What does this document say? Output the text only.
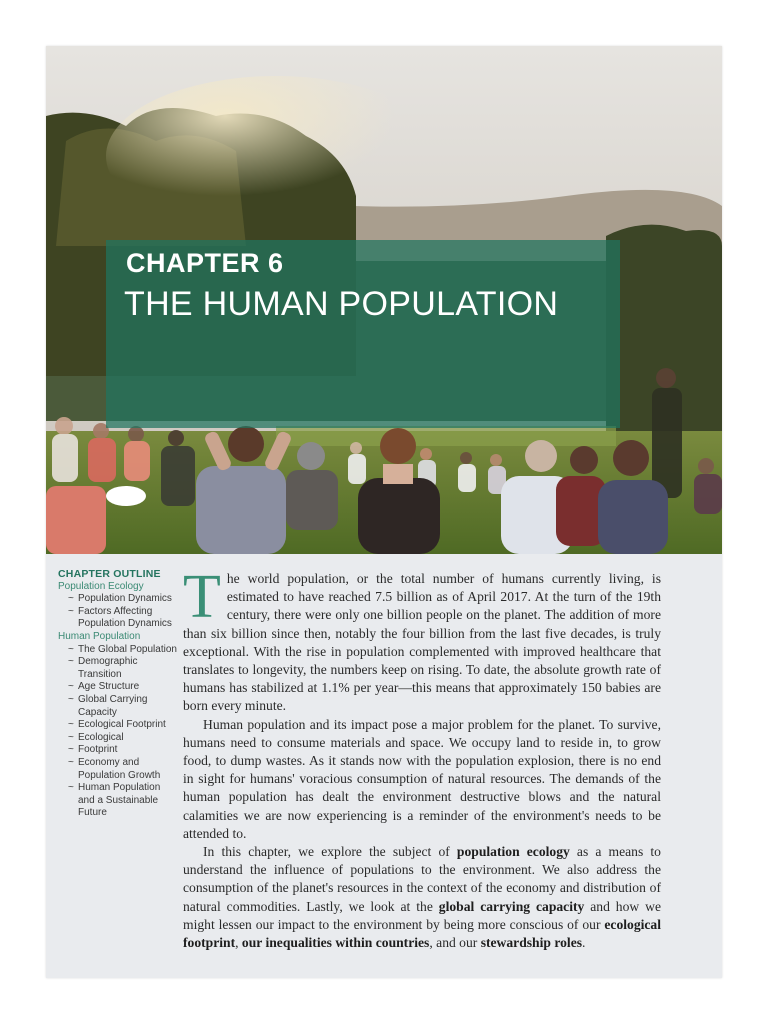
CHAPTER 6
THE HUMAN POPULATION
CHAPTER OUTLINE
Population Ecology
~ Population Dynamics
~ Factors Affecting Population Dynamics
Human Population
~ The Global Population
~ Demographic Transition
~ Age Structure
~ Global Carrying Capacity
~ Ecological Footprint
~ Ecological
~ Footprint
~ Economy and Population Growth
~ Human Population and a Sustainable Future

The world population, or the total number of humans currently living, is estimated to have reached 7.5 billion as of April 2017. At the turn of the 19th century, there were only one billion people on the planet. The addition of more than six billion since then, notably the four billion from the last five decades, is truly exceptional. With the rise in population complemented with improved healthcare that translates to longevity, the numbers keep on rising. To date, the absolute growth rate of humans has stabilized at 1.1% per year—this means that approximately 150 babies are born every minute.

Human population and its impact pose a major problem for the planet. To survive, humans need to consume materials and space. We occupy land to reside in, to grow food, to dump wastes. As it stands now with the population explosion, there is no end in sight for humans' voracious consumption of natural resources. The demands of the human population has dealt the environment destructive blows and the natural calamities we are now experiencing is a reminder of the environment's needs to be attended to.

In this chapter, we explore the subject of population ecology as a means to understand the influence of populations to the environment. We also address the consumption of the planet's resources in the context of the economy and distribution of natural commodities. Lastly, we look at the global carrying capacity and how we might lessen our impact to the environment by being more conscious of our ecological footprint, our inequalities within countries, and our stewardship roles.
